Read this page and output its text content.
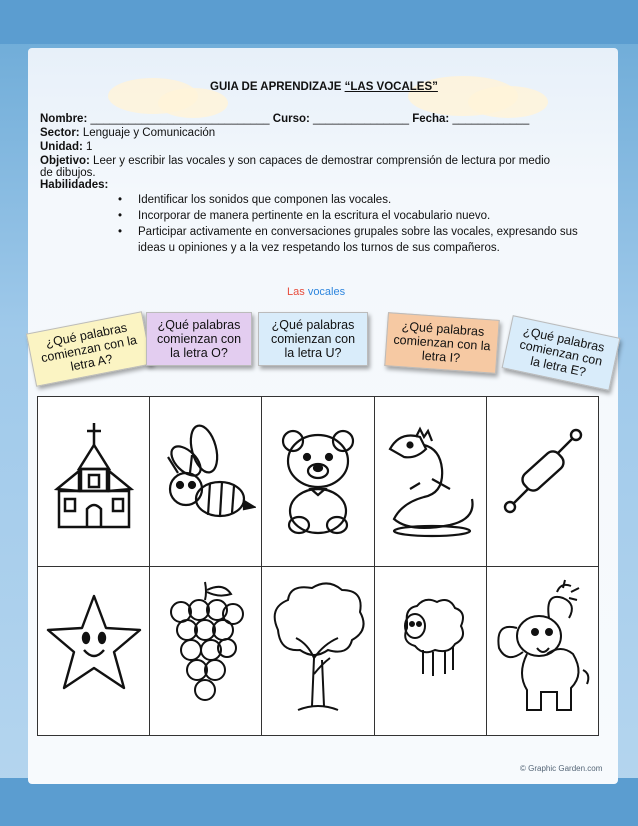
GUIA DE APRENDIZAJE “LAS VOCALES”
Nombre: ____________________________ Curso: _______________ Fecha: ____________
Sector: Lenguaje y Comunicación
Unidad: 1
Objetivo: Leer y escribir las vocales y son capaces de demostrar comprensión de lectura por medio
de dibujos.
Habilidades:
• Identificar los sonidos que componen las vocales.
• Incorporar de manera pertinente en la escritura el vocabulario nuevo.
• Participar activamente en conversaciones grupales sobre las vocales, expresando sus ideas u opiniones y a la vez respetando los turnos de sus compañeros.
Las vocales
¿Qué palabras comienzan con la letra A?
¿Qué palabras comienzan con la letra O?
¿Qué palabras comienzan con la letra U?
¿Qué palabras comienzan con la letra I?
¿Qué palabras comienzan con la letra E?

© Graphic Garden.com
